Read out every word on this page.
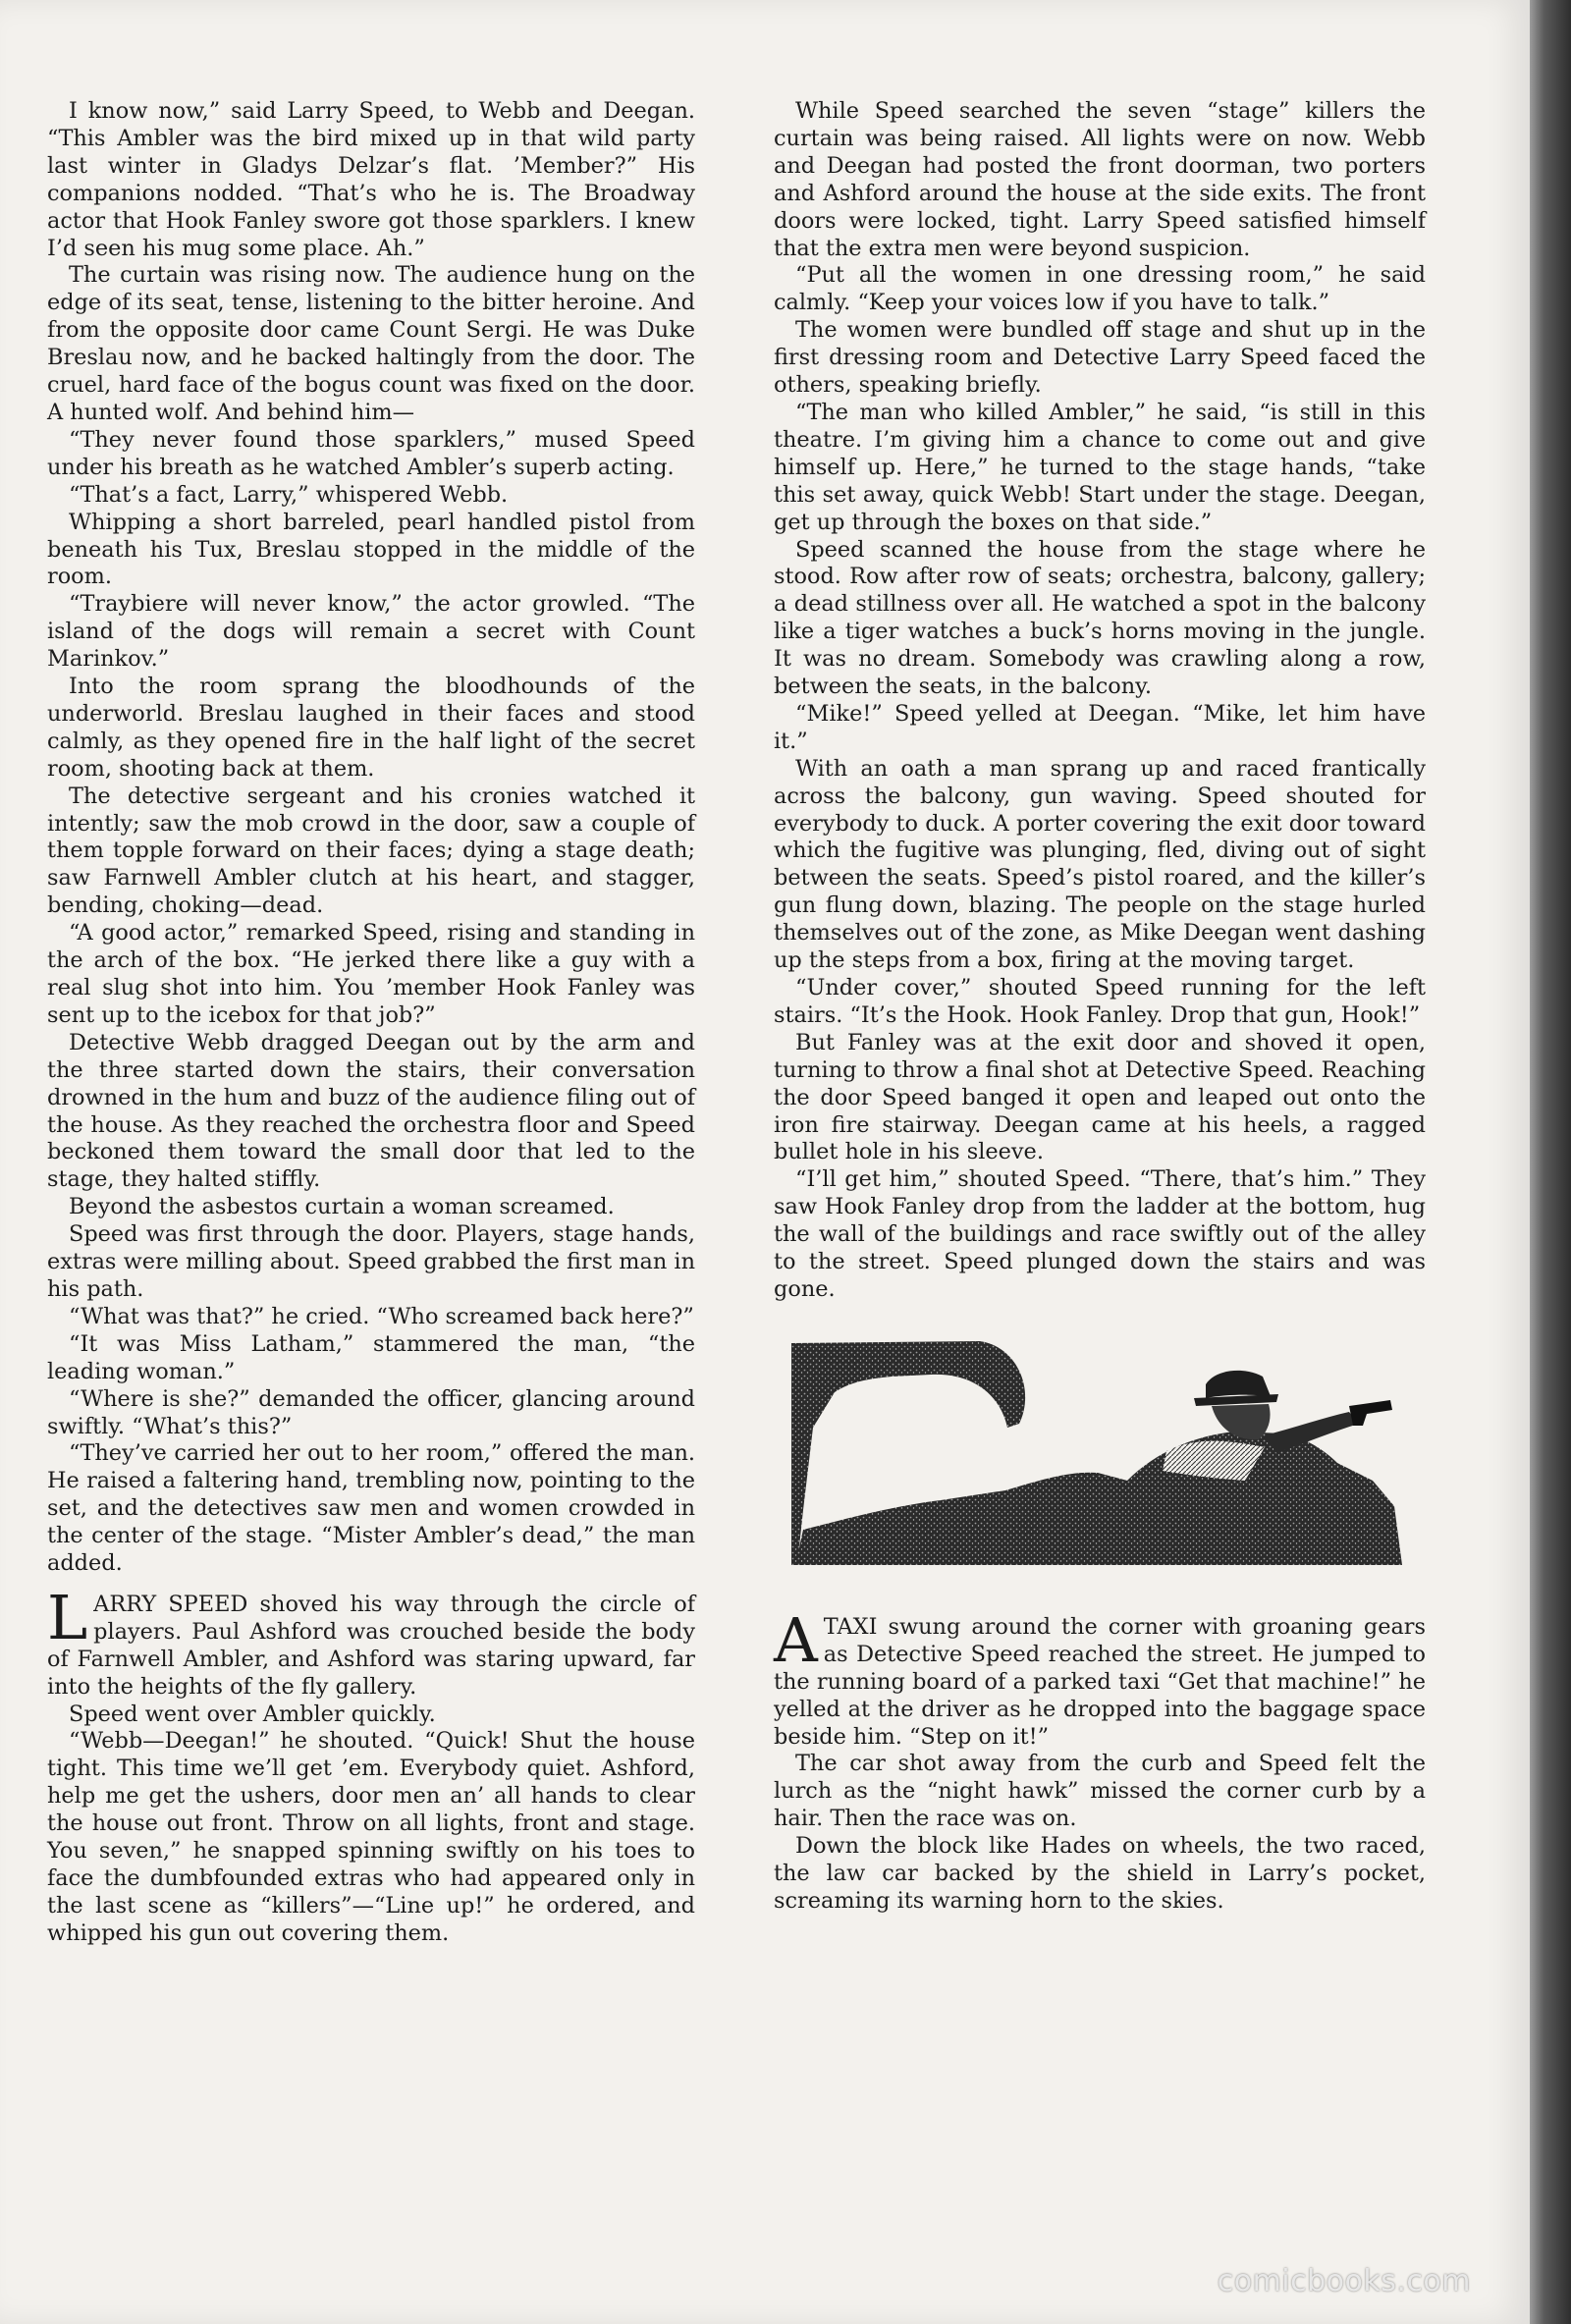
I know now,” said Larry Speed, to Webb and Deegan. “This Ambler was the bird mixed up in that wild party last winter in Gladys Delzar’s flat. ’Member?” His companions nodded. “That’s who he is. The Broadway actor that Hook Fanley swore got those sparklers. I knew I’d seen his mug some place. Ah.”

The curtain was rising now. The audience hung on the edge of its seat, tense, listening to the bitter heroine. And from the opposite door came Count Sergi. He was Duke Breslau now, and he backed haltingly from the door. The cruel, hard face of the bogus count was fixed on the door. A hunted wolf. And behind him—

“They never found those sparklers,” mused Speed under his breath as he watched Ambler’s superb acting.

“That’s a fact, Larry,” whispered Webb.

Whipping a short barreled, pearl handled pistol from beneath his Tux, Breslau stopped in the middle of the room.

“Traybiere will never know,” the actor growled. “The island of the dogs will remain a secret with Count Marinkov.”

Into the room sprang the bloodhounds of the underworld. Breslau laughed in their faces and stood calmly, as they opened fire in the half light of the secret room, shooting back at them.

The detective sergeant and his cronies watched it intently; saw the mob crowd in the door, saw a couple of them topple forward on their faces; dying a stage death; saw Farnwell Ambler clutch at his heart, and stagger, bending, choking—dead.

“A good actor,” remarked Speed, rising and standing in the arch of the box. “He jerked there like a guy with a real slug shot into him. You ’member Hook Fanley was sent up to the icebox for that job?”

Detective Webb dragged Deegan out by the arm and the three started down the stairs, their conversation drowned in the hum and buzz of the audience filing out of the house. As they reached the orchestra floor and Speed beckoned them toward the small door that led to the stage, they halted stiffly.

Beyond the asbestos curtain a woman screamed.

Speed was first through the door. Players, stage hands, extras were milling about. Speed grabbed the first man in his path.

“What was that?” he cried. “Who screamed back here?”

“It was Miss Latham,” stammered the man, “the leading woman.”

“Where is she?” demanded the officer, glancing around swiftly. “What’s this?”

“They’ve carried her out to her room,” offered the man. He raised a faltering hand, trembling now, pointing to the set, and the detectives saw men and women crowded in the center of the stage. “Mister Ambler’s dead,” the man added.

LARRY SPEED shoved his way through the circle of players. Paul Ashford was crouched beside the body of Farnwell Ambler, and Ashford was staring upward, far into the heights of the fly gallery.

Speed went over Ambler quickly.

“Webb—Deegan!” he shouted. “Quick! Shut the house tight. This time we’ll get ’em. Everybody quiet. Ashford, help me get the ushers, door men an’ all hands to clear the house out front. Throw on all lights, front and stage. You seven,” he snapped spinning swiftly on his toes to face the dumbfounded extras who had appeared only in the last scene as “killers”—“Line up!” he ordered, and whipped his gun out covering them.

While Speed searched the seven “stage” killers the curtain was being raised. All lights were on now. Webb and Deegan had posted the front doorman, two porters and Ashford around the house at the side exits. The front doors were locked, tight. Larry Speed satisfied himself that the extra men were beyond suspicion.

“Put all the women in one dressing room,” he said calmly. “Keep your voices low if you have to talk.”

The women were bundled off stage and shut up in the first dressing room and Detective Larry Speed faced the others, speaking briefly.

“The man who killed Ambler,” he said, “is still in this theatre. I’m giving him a chance to come out and give himself up. Here,” he turned to the stage hands, “take this set away, quick Webb! Start under the stage. Deegan, get up through the boxes on that side.”

Speed scanned the house from the stage where he stood. Row after row of seats; orchestra, balcony, gallery; a dead stillness over all. He watched a spot in the balcony like a tiger watches a buck’s horns moving in the jungle. It was no dream. Somebody was crawling along a row, between the seats, in the balcony.

“Mike!” Speed yelled at Deegan. “Mike, let him have it.”

With an oath a man sprang up and raced frantically across the balcony, gun waving. Speed shouted for everybody to duck. A porter covering the exit door toward which the fugitive was plunging, fled, diving out of sight between the seats. Speed’s pistol roared, and the killer’s gun flung down, blazing. The people on the stage hurled themselves out of the zone, as Mike Deegan went dashing up the steps from a box, firing at the moving target.

“Under cover,” shouted Speed running for the left stairs. “It’s the Hook. Hook Fanley. Drop that gun, Hook!”

But Fanley was at the exit door and shoved it open, turning to throw a final shot at Detective Speed. Reaching the door Speed banged it open and leaped out onto the iron fire stairway. Deegan came at his heels, a ragged bullet hole in his sleeve.

“I’ll get him,” shouted Speed. “There, that’s him.” They saw Hook Fanley drop from the ladder at the bottom, hug the wall of the buildings and race swiftly out of the alley to the street. Speed plunged down the stairs and was gone.

ATAXI swung around the corner with groaning gears as Detective Speed reached the street. He jumped to the running board of a parked taxi “Get that machine!” he yelled at the driver as he dropped into the baggage space beside him. “Step on it!”

The car shot away from the curb and Speed felt the lurch as the “night hawk” missed the corner curb by a hair. Then the race was on.

Down the block like Hades on wheels, the two raced, the law car backed by the shield in Larry’s pocket, screaming its warning horn to the skies.

comicbooks.com
